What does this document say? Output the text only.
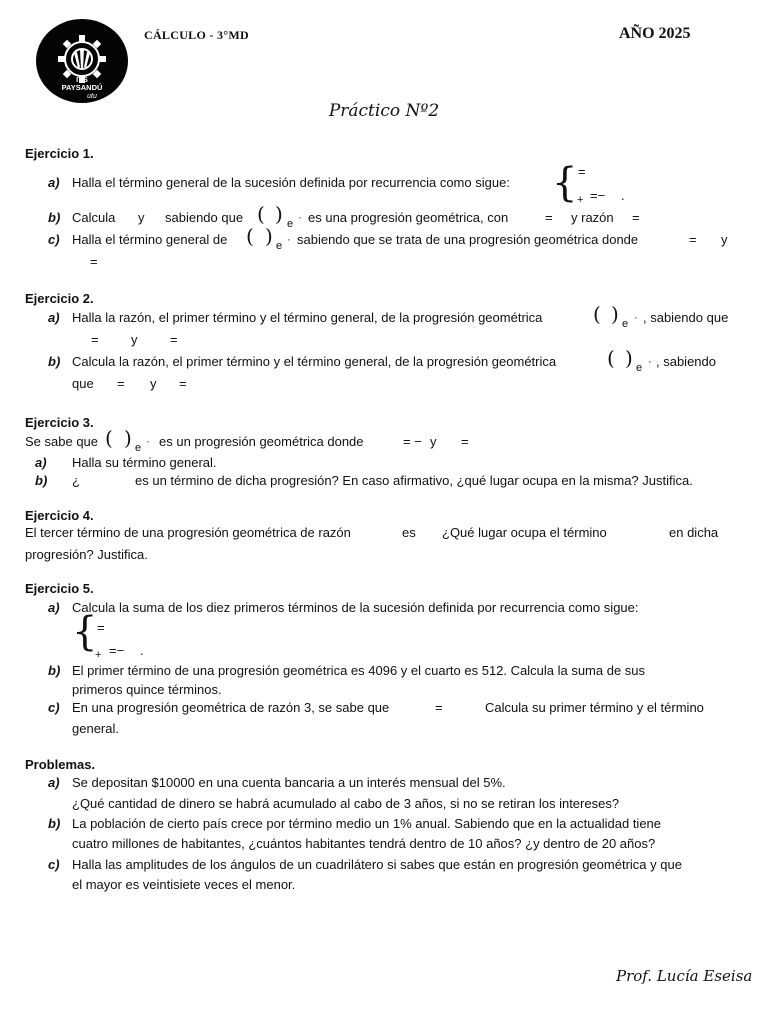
ITS
PAYSANDÚ
utu
CÁLCULO - 3°MD	AÑO 2025
Práctico Nº2
Ejercicio 1.
a) Halla el término general de la sucesión definida por recurrencia como sigue: { =
+ =− .
b) Calcula y sabiendo que ( ) e · es una progresión geométrica, con	= y razón =
c) Halla el término general de ( ) e · sabiendo que se trata de una progresión geométrica donde	= y
=
Ejercicio 2.
a) Halla la razón, el primer término y el término general, de la progresión geométrica	( ) e · , sabiendo que
= y	=
b) Calcula la razón, el primer término y el término general, de la progresión geométrica	( ) e · , sabiendo
que = y =
Ejercicio 3.
Se sabe que ( ) e · es un progresión geométrica donde	= − y =
a) Halla su término general.
b) ¿	es un término de dicha progresión? En caso afirmativo, ¿qué lugar ocupa en la misma? Justifica.
Ejercicio 4.
El tercer término de una progresión geométrica de razón	es ¿Qué lugar ocupa el término	en dicha
progresión? Justifica.
Ejercicio 5.
a) Calcula la suma de los diez primeros términos de la sucesión definida por recurrencia como sigue:
{ =
+ =− .
b) El primer término de una progresión geométrica es 4096 y el cuarto es 512. Calcula la suma de sus
primeros quince términos.
c) En una progresión geométrica de razón 3, se sabe que	=	Calcula su primer término y el término
general.
Problemas.
a) Se depositan $10000 en una cuenta bancaria a un interés mensual del 5%.
¿Qué cantidad de dinero se habrá acumulado al cabo de 3 años, si no se retiran los intereses?
b) La población de cierto país crece por término medio un 1% anual. Sabiendo que en la actualidad tiene
cuatro millones de habitantes, ¿cuántos habitantes tendrá dentro de 10 años? ¿y dentro de 20 años?
c) Halla las amplitudes de los ángulos de un cuadrilátero si sabes que están en progresión geométrica y que
el mayor es veintisiete veces el menor.
Prof. Lucía Eseisa
